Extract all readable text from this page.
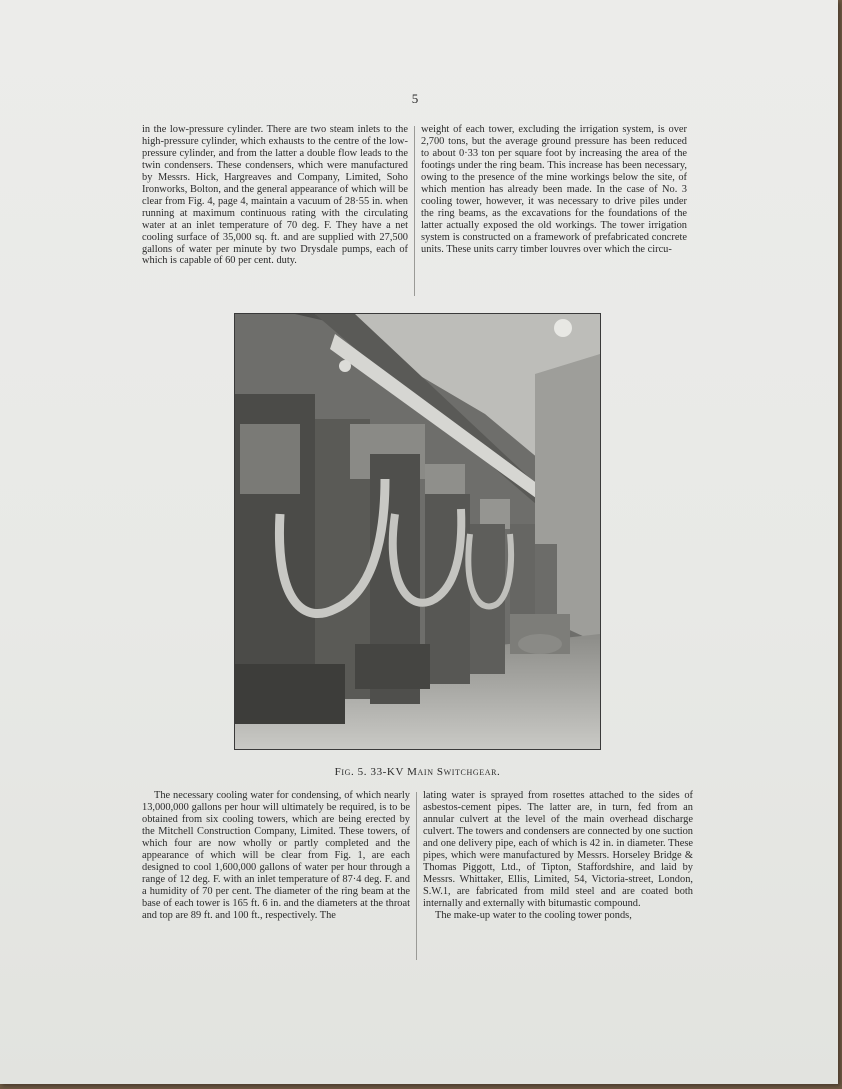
5

in the low-pressure cylinder. There are two steam inlets to the high-pressure cylinder, which exhausts to the centre of the low-pressure cylinder, and from the latter a double flow leads to the twin condensers. These condensers, which were manufactured by Messrs. Hick, Hargreaves and Company, Limited, Soho Ironworks, Bolton, and the general appearance of which will be clear from Fig. 4, page 4, maintain a vacuum of 28·55 in. when running at maximum continuous rating with the circulating water at an inlet temperature of 70 deg. F. They have a net cooling surface of 35,000 sq. ft. and are supplied with 27,500 gallons of water per minute by two Drysdale pumps, each of which is capable of 60 per cent. duty.

weight of each tower, excluding the irrigation system, is over 2,700 tons, but the average ground pressure has been reduced to about 0·33 ton per square foot by increasing the area of the footings under the ring beam. This increase has been necessary, owing to the presence of the mine workings below the site, of which mention has already been made. In the case of No. 3 cooling tower, however, it was necessary to drive piles under the ring beams, as the excavations for the foundations of the latter actually exposed the old workings. The tower irrigation system is constructed on a framework of prefabricated concrete units. These units carry timber louvres over which the circu-

Fig. 5. 33-KV Main Switchgear.

The necessary cooling water for condensing, of which nearly 13,000,000 gallons per hour will ultimately be required, is to be obtained from six cooling towers, which are being erected by the Mitchell Construction Company, Limited. These towers, of which four are now wholly or partly completed and the appearance of which will be clear from Fig. 1, are each designed to cool 1,600,000 gallons of water per hour through a range of 12 deg. F. with an inlet temperature of 87·4 deg. F. and a humidity of 70 per cent. The diameter of the ring beam at the base of each tower is 165 ft. 6 in. and the diameters at the throat and top are 89 ft. and 100 ft., respectively. The

lating water is sprayed from rosettes attached to the sides of asbestos-cement pipes. The latter are, in turn, fed from an annular culvert at the level of the main overhead discharge culvert. The towers and condensers are connected by one suction and one delivery pipe, each of which is 42 in. in diameter. These pipes, which were manufactured by Messrs. Horseley Bridge & Thomas Piggott, Ltd., of Tipton, Staffordshire, and laid by Messrs. Whittaker, Ellis, Limited, 54, Victoria-street, London, S.W.1, are fabricated from mild steel and are coated both internally and externally with bitumastic compound.

The make-up water to the cooling tower ponds,
